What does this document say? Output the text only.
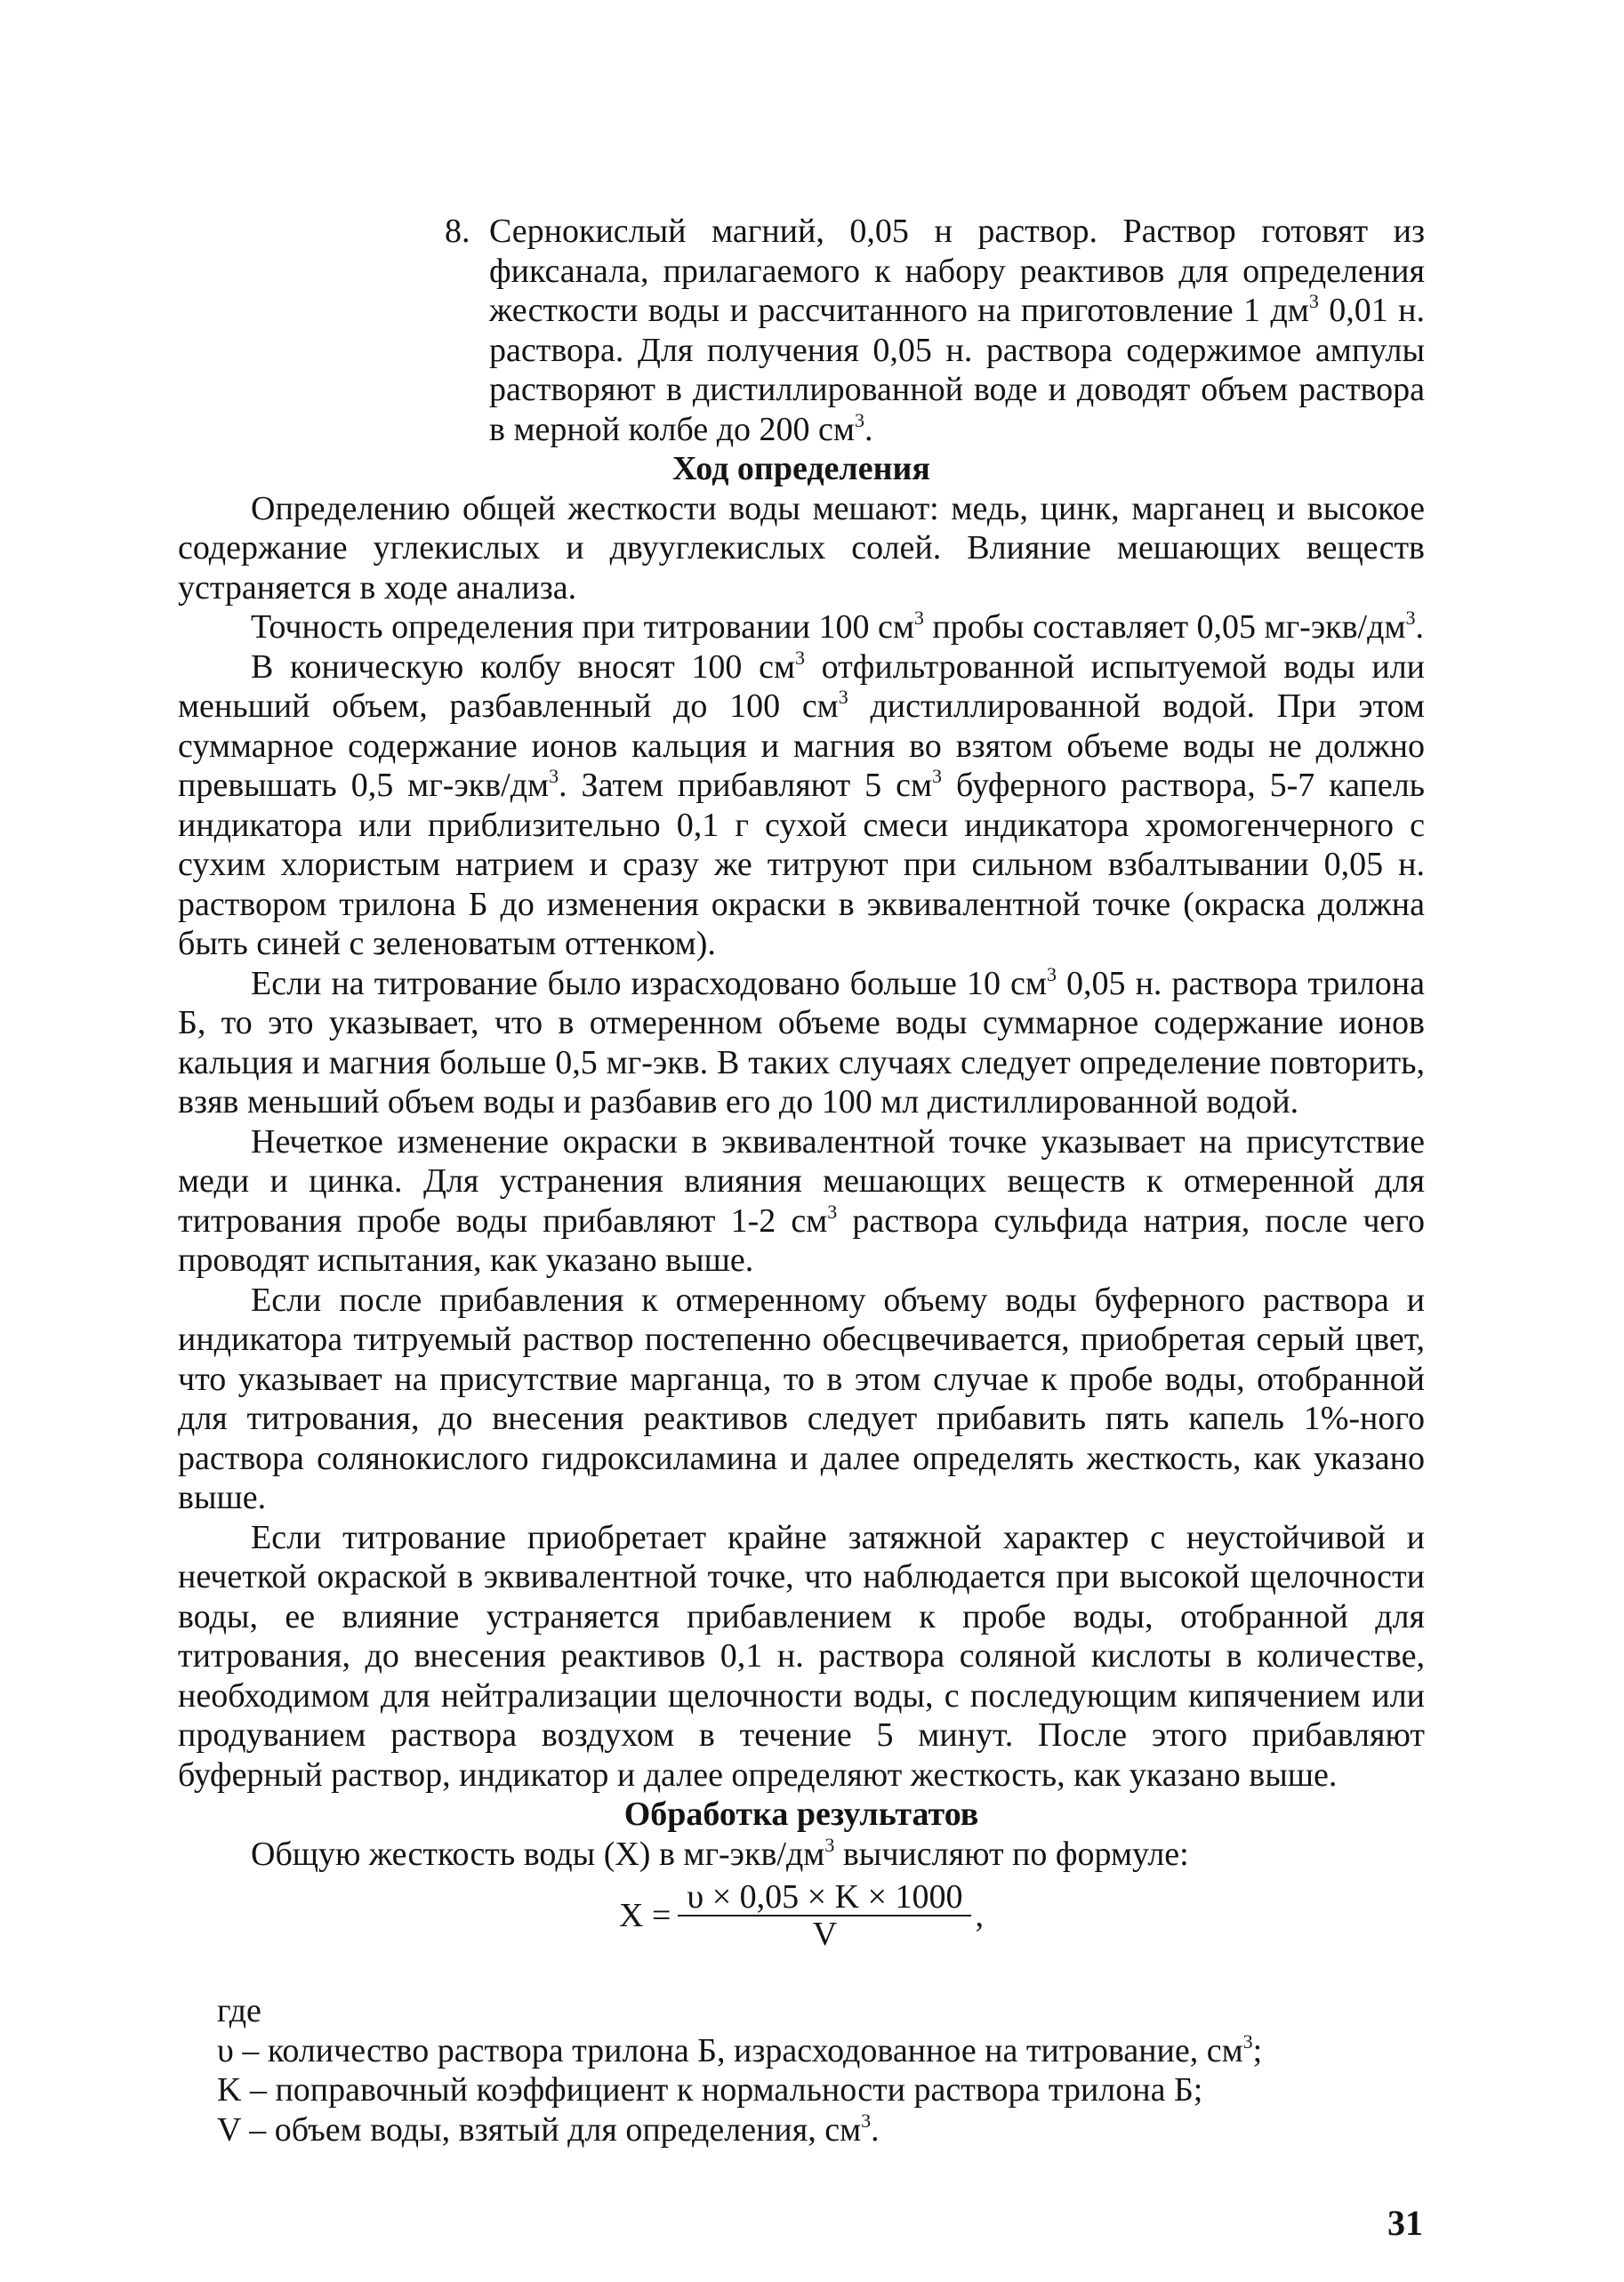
8. Сернокислый магний, 0,05 н раствор. Раствор готовят из фиксанала, прилагаемого к набору реактивов для определения жесткости воды и рассчитанного на приготовление 1 $дм^3$ 0,01 н. раствора. Для получения 0,05 н. раствора содержимое ампулы растворяют в дистиллированной воде и доводят объем раствора в мерной колбе до 200 $см^3$.

Ход определения

Определению общей жесткости воды мешают: медь, цинк, марганец и высокое содержание углекислых и двууглекислых солей. Влияние мешающих веществ устраняется в ходе анализа.

Точность определения при титровании 100 $см^3$ пробы составляет 0,05 $мг-экв/дм^3$.

В коническую колбу вносят 100 $см^3$ отфильтрованной испытуемой воды или меньший объем, разбавленный до 100 $см^3$ дистиллированной водой. При этом суммарное содержание ионов кальция и магния во взятом объеме воды не должно превышать 0,5 $мг-экв/дм^3$. Затем прибавляют 5 $см^3$ буферного раствора, 5-7 капель индикатора или приблизительно 0,1 г сухой смеси индикатора хромогенчерного с сухим хлористым натрием и сразу же титруют при сильном взбалтывании 0,05 н. раствором трилона Б до изменения окраски в эквивалентной точке (окраска должна быть синей с зеленоватым оттенком).

Если на титрование было израсходовано больше 10 $см^3$ 0,05 н. раствора трилона Б, то это указывает, что в отмеренном объеме воды суммарное содержание ионов кальция и магния больше 0,5 мг-экв. В таких случаях следует определение повторить, взяв меньший объем воды и разбавив его до 100 мл дистиллированной водой.

Нечеткое изменение окраски в эквивалентной точке указывает на присутствие меди и цинка. Для устранения влияния мешающих веществ к отмеренной для титрования пробе воды прибавляют 1-2 $см^3$ раствора сульфида натрия, после чего проводят испытания, как указано выше.

Если после прибавления к отмеренному объему воды буферного раствора и индикатора титруемый раствор постепенно обесцвечивается, приобретая серый цвет, что указывает на присутствие марганца, то в этом случае к пробе воды, отобранной для титрования, до внесения реактивов следует прибавить пять капель 1%-ного раствора солянокислого гидроксиламина и далее определять жесткость, как указано выше.

Если титрование приобретает крайне затяжной характер с неустойчивой и нечеткой окраской в эквивалентной точке, что наблюдается при высокой щелочности воды, ее влияние устраняется прибавлением к пробе воды, отобранной для титрования, до внесения реактивов 0,1 н. раствора соляной кислоты в количестве, необходимом для нейтрализации щелочности воды, с последующим кипячением или продуванием раствора воздухом в течение 5 минут. После этого прибавляют буферный раствор, индикатор и далее определяют жесткость, как указано выше.

Обработка результатов

Общую жесткость воды (X) в $мг-экв/дм^3$ вычисляют по формуле:

$X = \frac{\upsilon \times 0,05 \times K \times 1000}{V}$ ,

где

υ – количество раствора трилона Б, израсходованное на титрование, $см^3$;

K – поправочный коэффициент к нормальности раствора трилона Б;

V – объем воды, взятый для определения, $см^3$.

31
